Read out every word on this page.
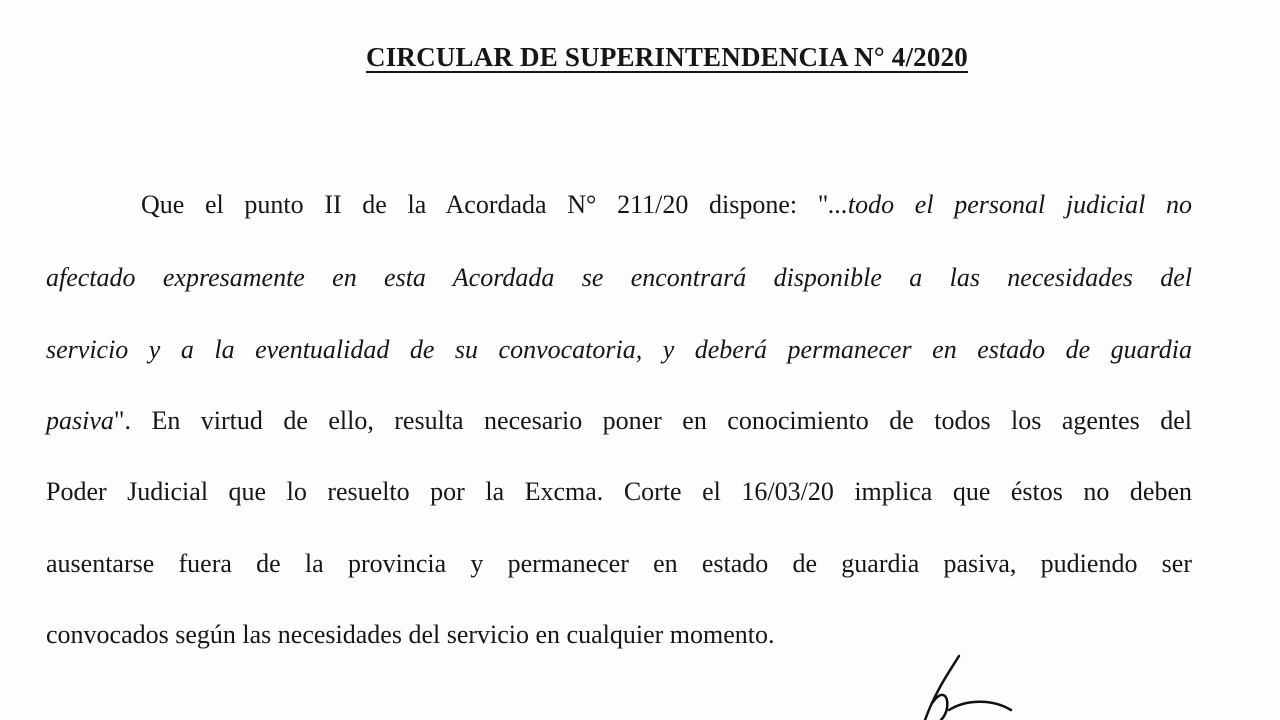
CIRCULAR DE SUPERINTENDENCIA N° 4/2020
Que el punto II de la Acordada N° 211/20 dispone: "...todo el personal judicial no
afectado expresamente en esta Acordada se encontrará disponible a las necesidades del
servicio y a la eventualidad de su convocatoria, y deberá permanecer en estado de guardia
pasiva". En virtud de ello, resulta necesario poner en conocimiento de todos los agentes del
Poder Judicial que lo resuelto por la Excma. Corte el 16/03/20 implica que éstos no deben
ausentarse fuera de la provincia y permanecer en estado de guardia pasiva, pudiendo ser
convocados según las necesidades del servicio en cualquier momento.
